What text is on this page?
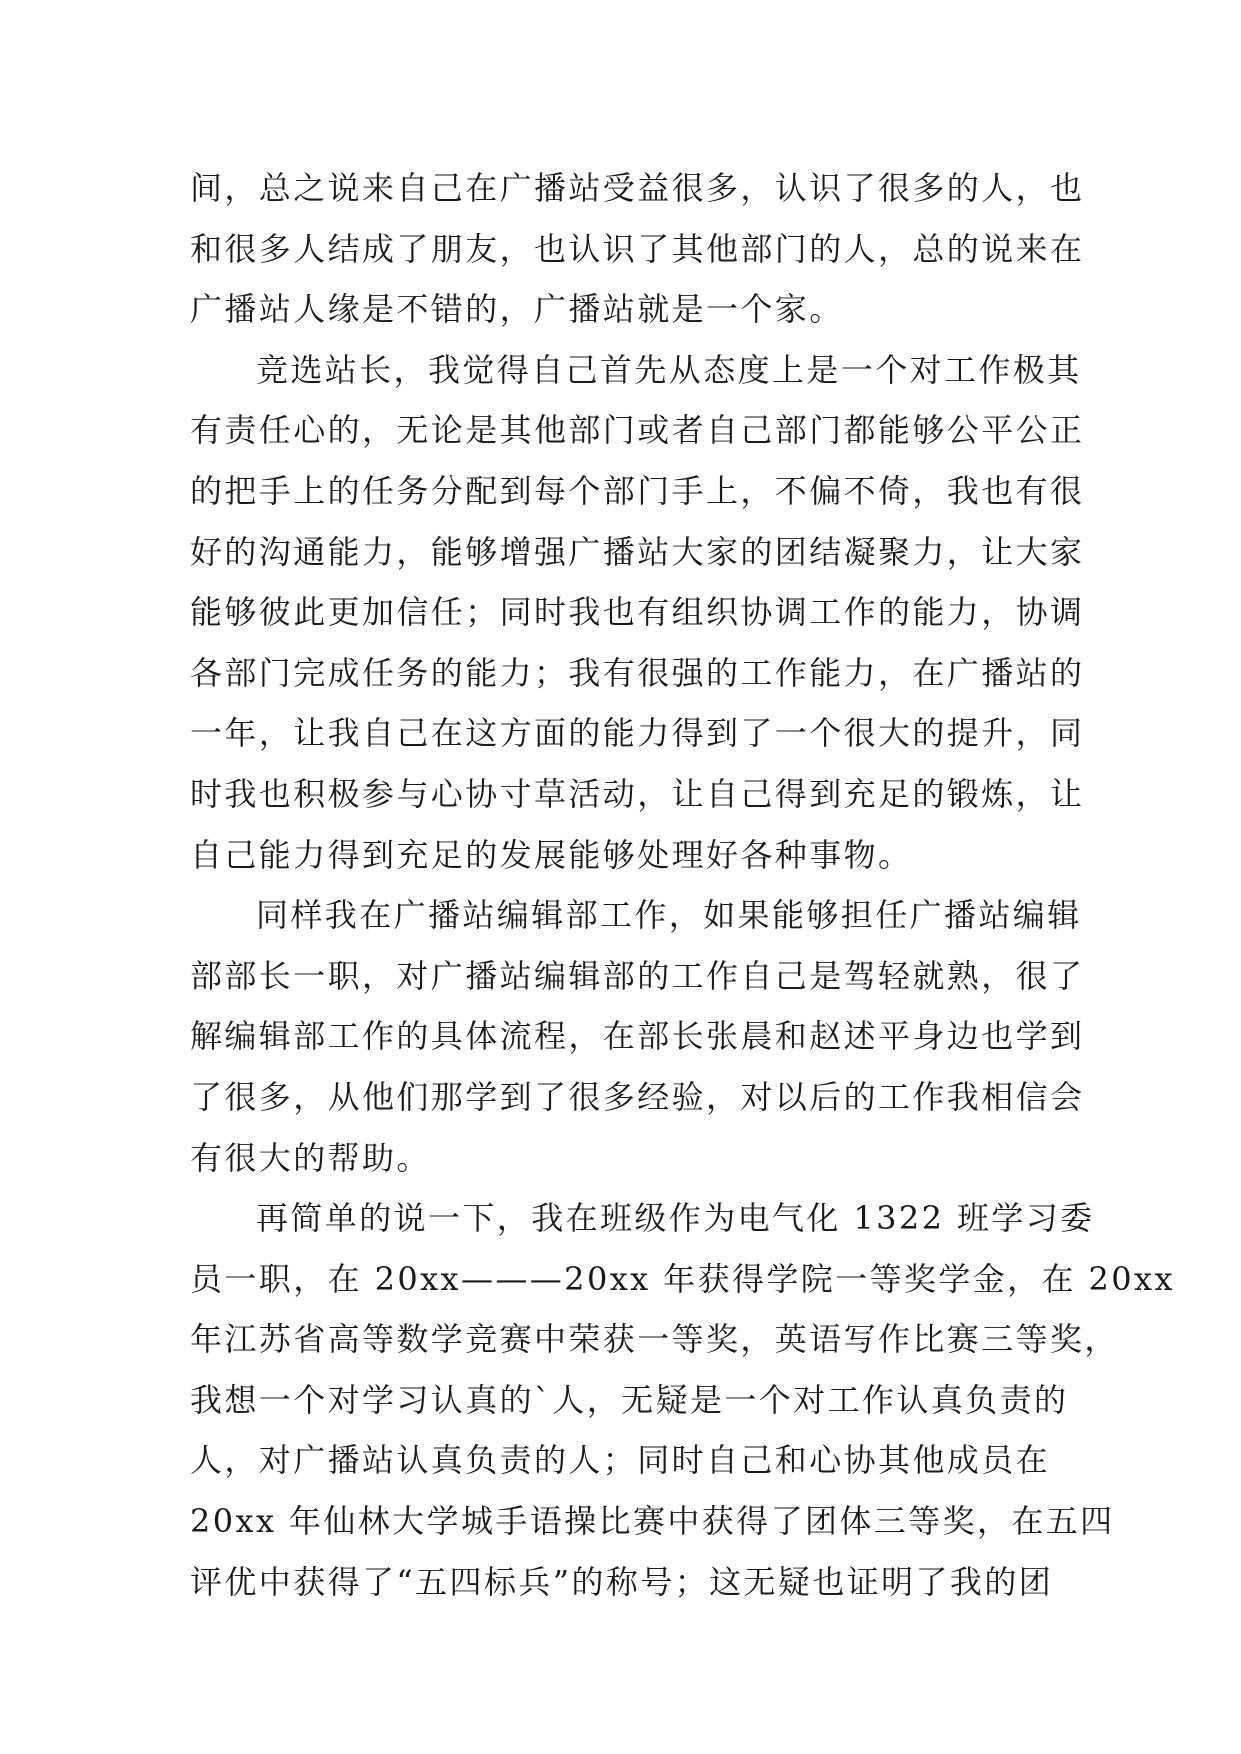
间，总之说来自己在广播站受益很多，认识了很多的人，也
和很多人结成了朋友，也认识了其他部门的人，总的说来在
广播站人缘是不错的，广播站就是一个家。
竞选站长，我觉得自己首先从态度上是一个对工作极其
有责任心的，无论是其他部门或者自己部门都能够公平公正
的把手上的任务分配到每个部门手上，不偏不倚，我也有很
好的沟通能力，能够增强广播站大家的团结凝聚力，让大家
能够彼此更加信任；同时我也有组织协调工作的能力，协调
各部门完成任务的能力；我有很强的工作能力，在广播站的
一年，让我自己在这方面的能力得到了一个很大的提升，同
时我也积极参与心协寸草活动，让自己得到充足的锻炼，让
自己能力得到充足的发展能够处理好各种事物。
同样我在广播站编辑部工作，如果能够担任广播站编辑
部部长一职，对广播站编辑部的工作自己是驾轻就熟，很了
解编辑部工作的具体流程，在部长张晨和赵述平身边也学到
了很多，从他们那学到了很多经验，对以后的工作我相信会
有很大的帮助。
再简单的说一下，我在班级作为电气化 1322 班学习委
员一职，在 20xx———20xx 年获得学院一等奖学金，在 20xx
年江苏省高等数学竞赛中荣获一等奖，英语写作比赛三等奖，
我想一个对学习认真的`人，无疑是一个对工作认真负责的
人，对广播站认真负责的人；同时自己和心协其他成员在
20xx 年仙林大学城手语操比赛中获得了团体三等奖，在五四
评优中获得了“五四标兵”的称号；这无疑也证明了我的团
